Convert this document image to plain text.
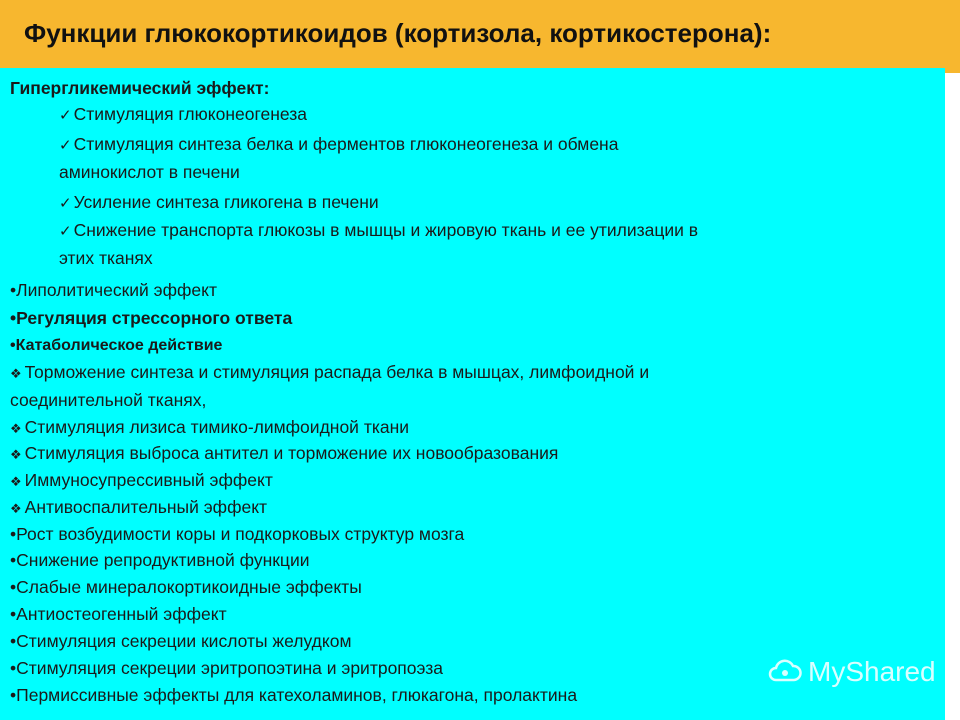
Функции глюкокортикоидов (кортизола, кортикостерона):
Гипергликемический эффект:
✓ Стимуляция глюконеогенеза
✓ Стимуляция синтеза белка и ферментов глюконеогенеза и обмена
аминокислот в печени
✓ Усиление синтеза гликогена в печени
✓ Снижение транспорта глюкозы в мышцы и жировую ткань и ее утилизации в
этих тканях
•Липолитический эффект
•Регуляция стрессорного ответа
•Катаболическое действие
❖ Торможение синтеза и стимуляция распада белка в мышцах, лимфоидной и
соединительной тканях,
❖ Стимуляция лизиса тимико-лимфоидной ткани
❖ Стимуляция выброса антител и торможение их новообразования
❖ Иммуносупрессивный эффект
❖ Антивоспалительный эффект
•Рост возбудимости коры и подкорковых структур мозга
•Снижение репродуктивной функции
•Слабые минералокортикоидные эффекты
•Антиостеогенный эффект
•Стимуляция секреции кислоты желудком
•Стимуляция секреции эритропоэтина и эритропоэза
•Пермиссивные эффекты для катехоламинов, глюкагона, пролактина
MyShared
